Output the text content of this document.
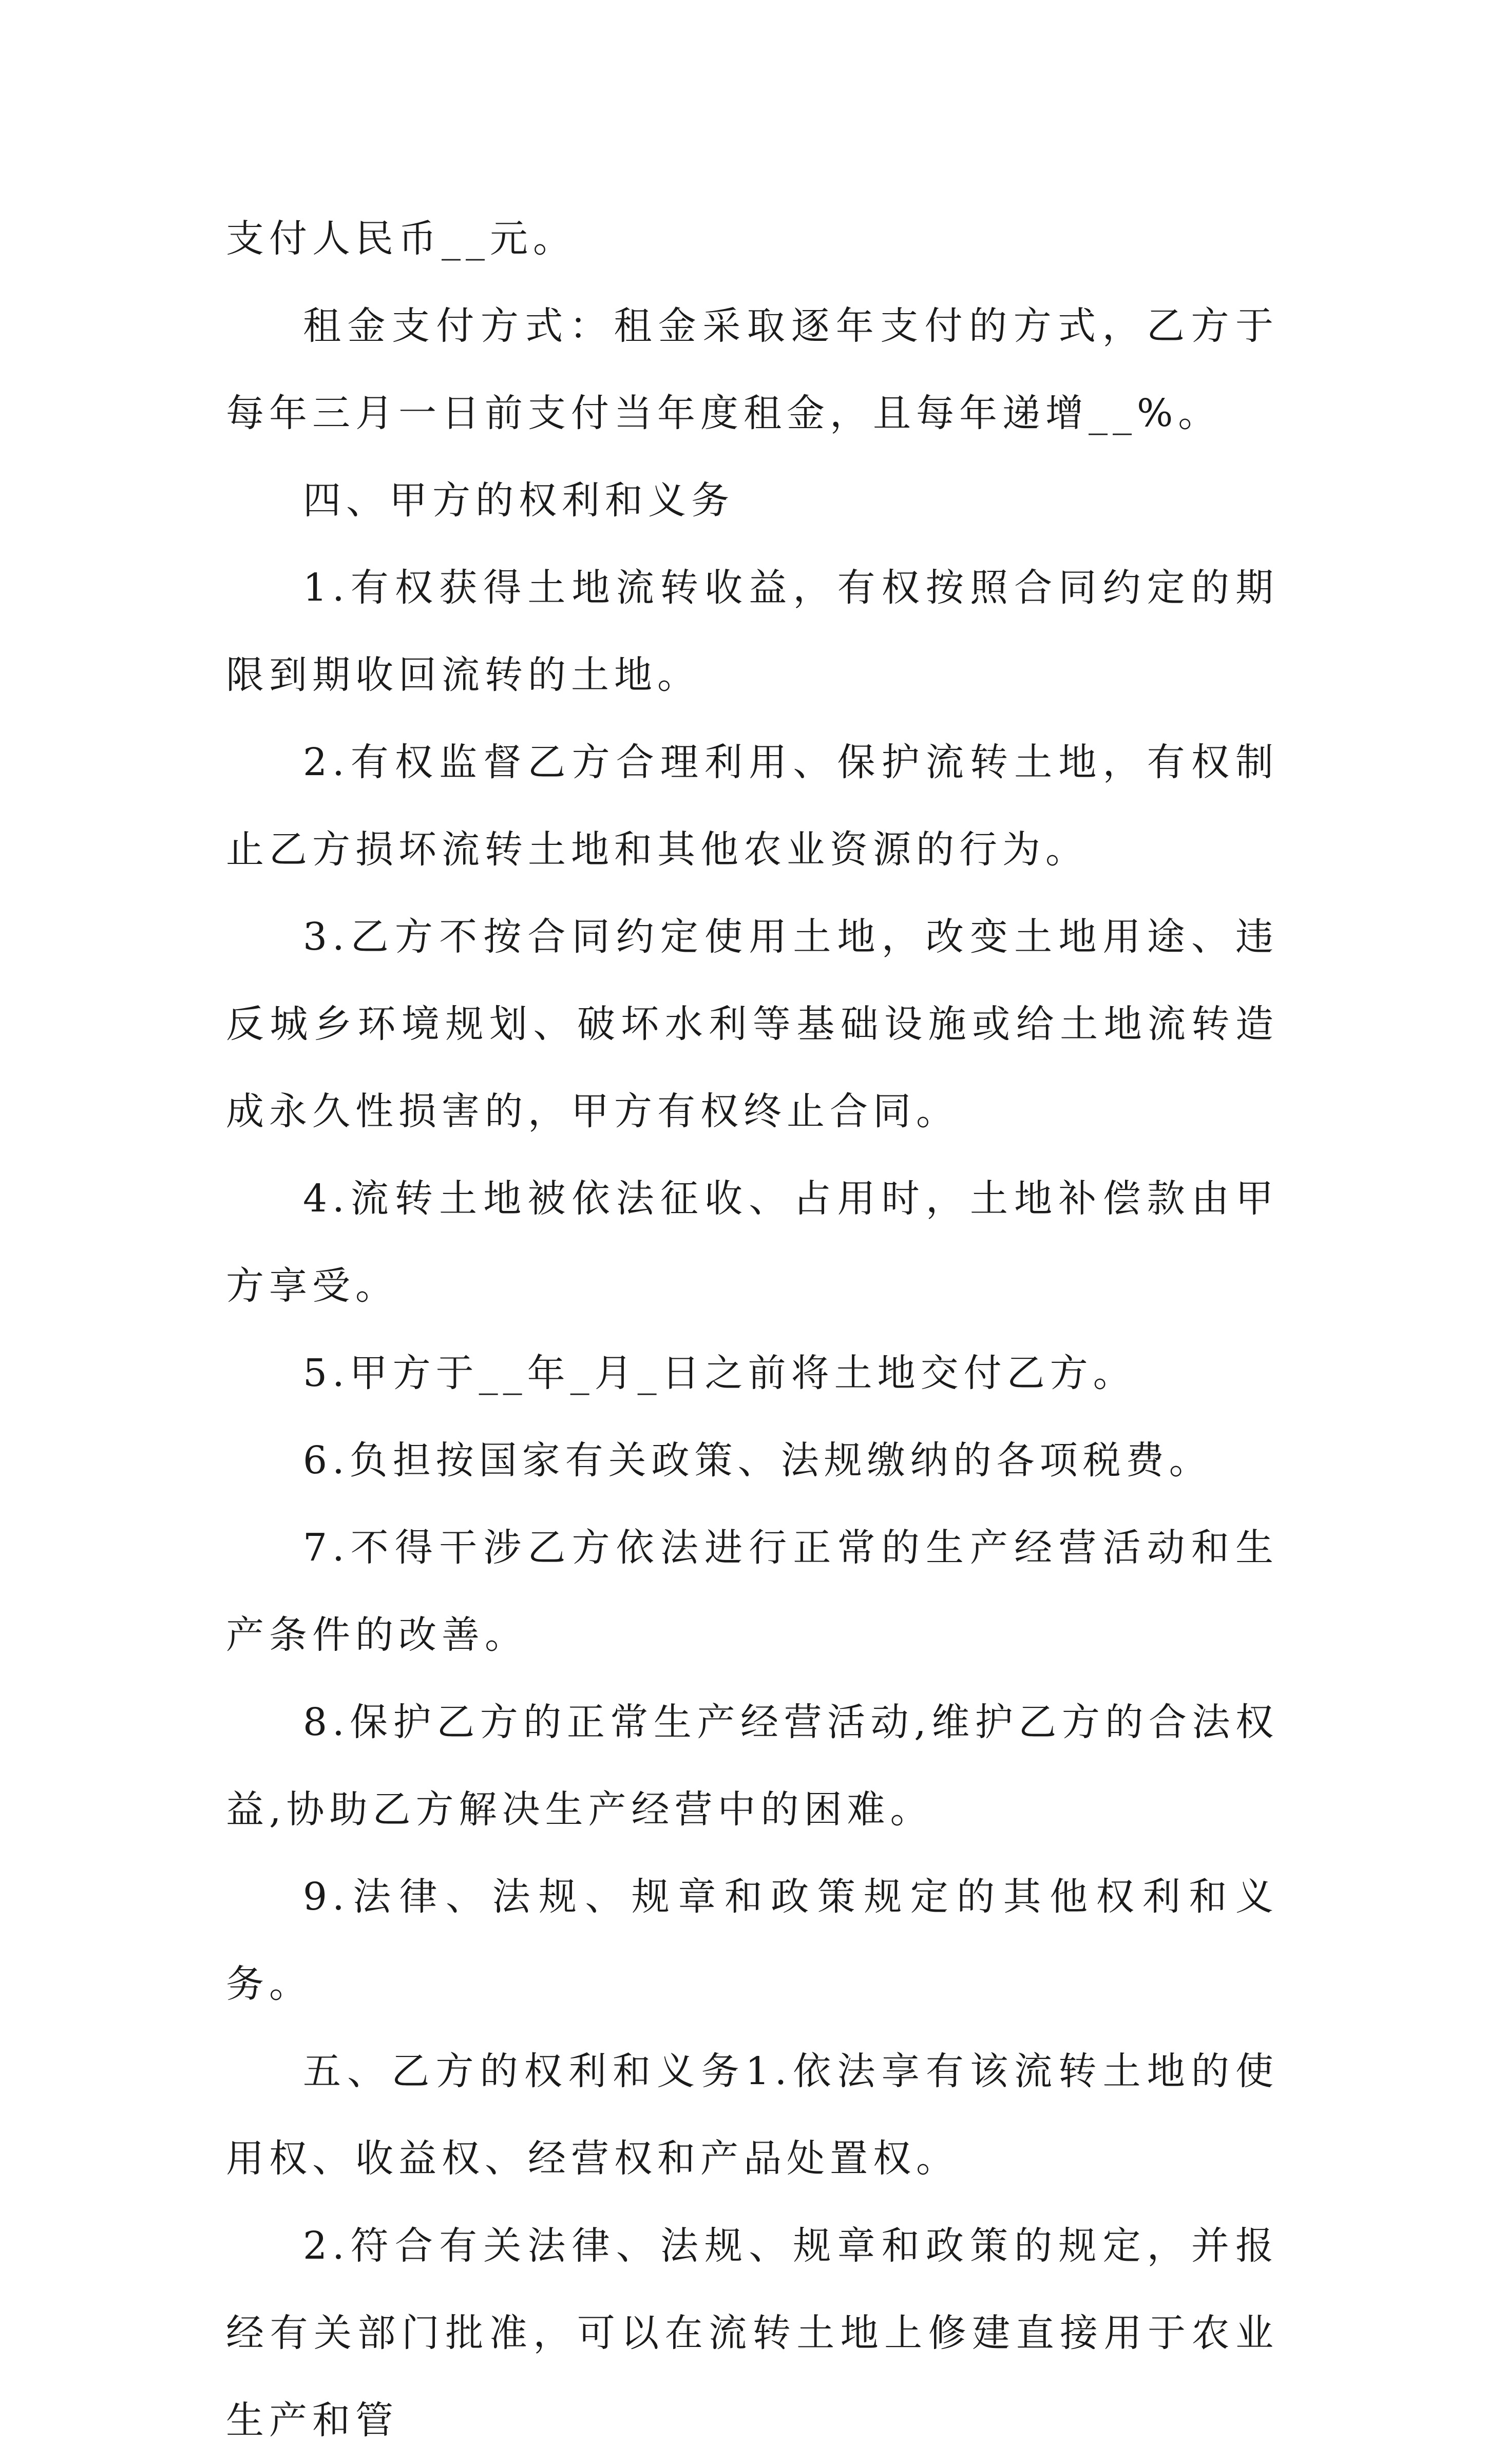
支付人民币__元。

租金支付方式：租金采取逐年支付的方式，乙方于每年三月一日前支付当年度租金，且每年递增__%。

四、甲方的权利和义务

1.有权获得土地流转收益，有权按照合同约定的期限到期收回流转的土地。

2.有权监督乙方合理利用、保护流转土地，有权制止乙方损坏流转土地和其他农业资源的行为。

3.乙方不按合同约定使用土地，改变土地用途、违反城乡环境规划、破坏水利等基础设施或给土地流转造成永久性损害的，甲方有权终止合同。

4.流转土地被依法征收、占用时，土地补偿款由甲方享受。

5.甲方于__年_月_日之前将土地交付乙方。

6.负担按国家有关政策、法规缴纳的各项税费。

7.不得干涉乙方依法进行正常的生产经营活动和生产条件的改善。

8.保护乙方的正常生产经营活动,维护乙方的合法权益,协助乙方解决生产经营中的困难。

9.法律、法规、规章和政策规定的其他权利和义务。

五、乙方的权利和义务1.依法享有该流转土地的使用权、收益权、经营权和产品处置权。

2.符合有关法律、法规、规章和政策的规定，并报经有关部门批准，可以在流转土地上修建直接用于农业生产和管
